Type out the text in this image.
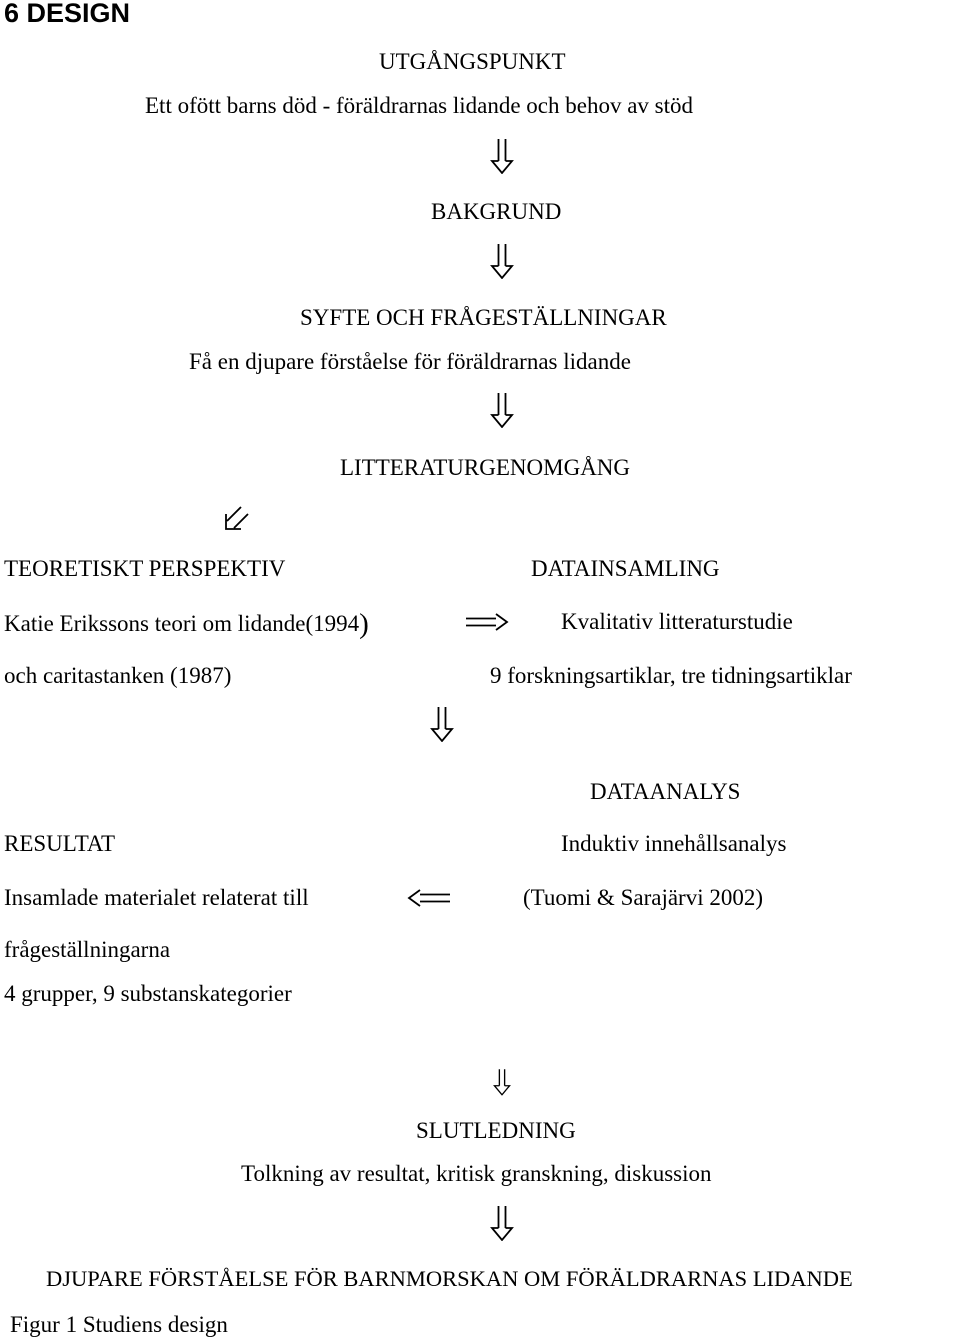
6 DESIGN
UTGÅNGSPUNKT
Ett ofött barns död - föräldrarnas lidande och behov av stöd
BAKGRUND
SYFTE OCH FRÅGESTÄLLNINGAR
Få en djupare förståelse för föräldrarnas lidande
LITTERATURGENOMGÅNG
TEORETISKT PERSPEKTIV
Katie Erikssons teori om lidande(1994)
och caritastanken (1987)
DATAINSAMLING
Kvalitativ litteraturstudie
9 forskningsartiklar, tre tidningsartiklar
DATAANALYS
RESULTAT	Induktiv innehållsanalys
Insamlade materialet relaterat till	(Tuomi & Sarajärvi 2002)
frågeställningarna
4 grupper, 9 substanskategorier
SLUTLEDNING
Tolkning av resultat, kritisk granskning, diskussion
DJUPARE FÖRSTÅELSE FÖR BARNMORSKAN OM FÖRÄLDRARNAS LIDANDE
Figur 1 Studiens design
